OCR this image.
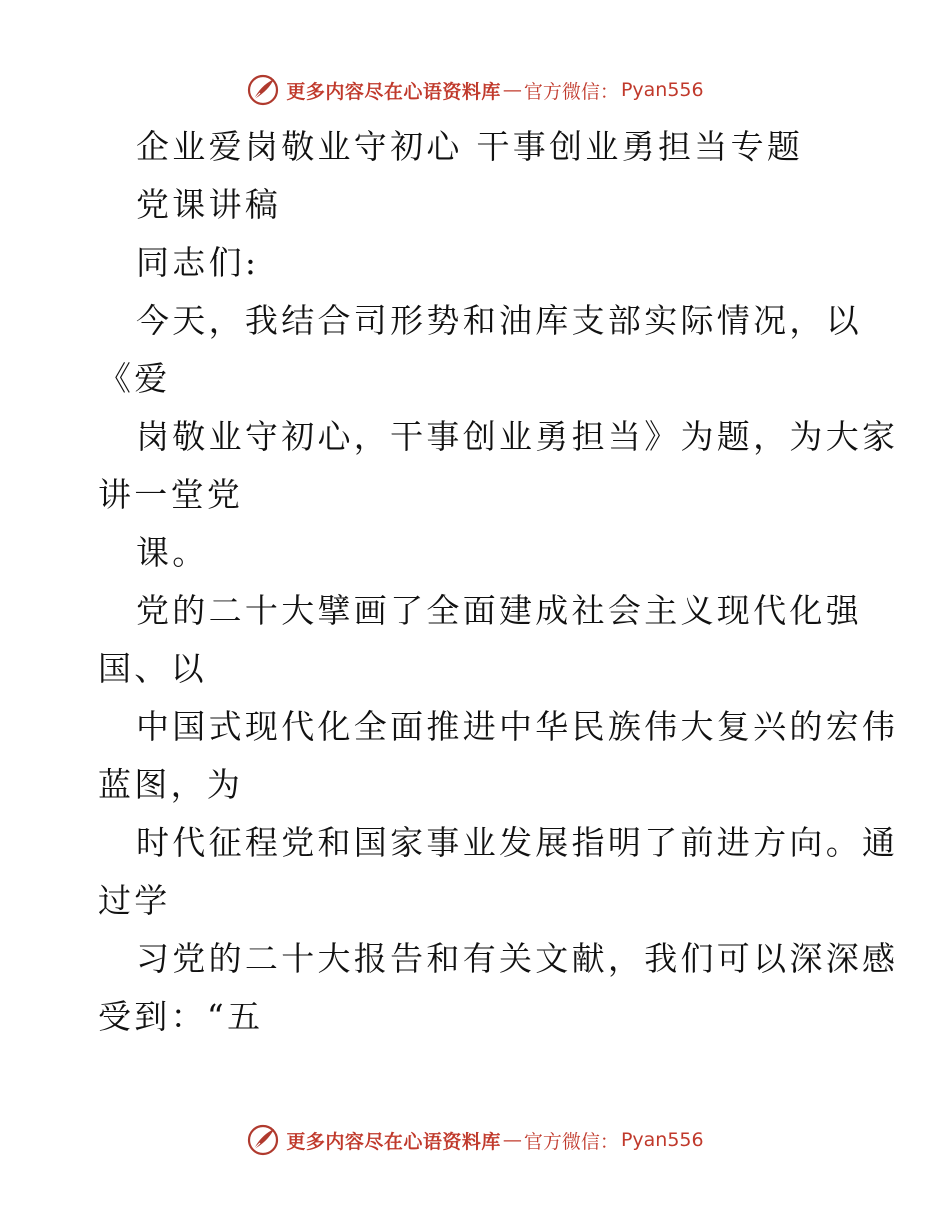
更多内容尽在心语资料库 — 官方微信： Pyan556
企业爱岗敬业守初心 干事创业勇担当专题
党课讲稿
同志们:
今天，我结合司形势和油库支部实际情况，以
《爱
岗敬业守初心，干事创业勇担当》为题，为大家
讲一堂党
课。
党的二十大擘画了全面建成社会主义现代化强
国、以
中国式现代化全面推进中华民族伟大复兴的宏伟
蓝图，为
时代征程党和国家事业发展指明了前进方向。通
过学
习党的二十大报告和有关文献，我们可以深深感
受到：“五
更多内容尽在心语资料库 — 官方微信： Pyan556
